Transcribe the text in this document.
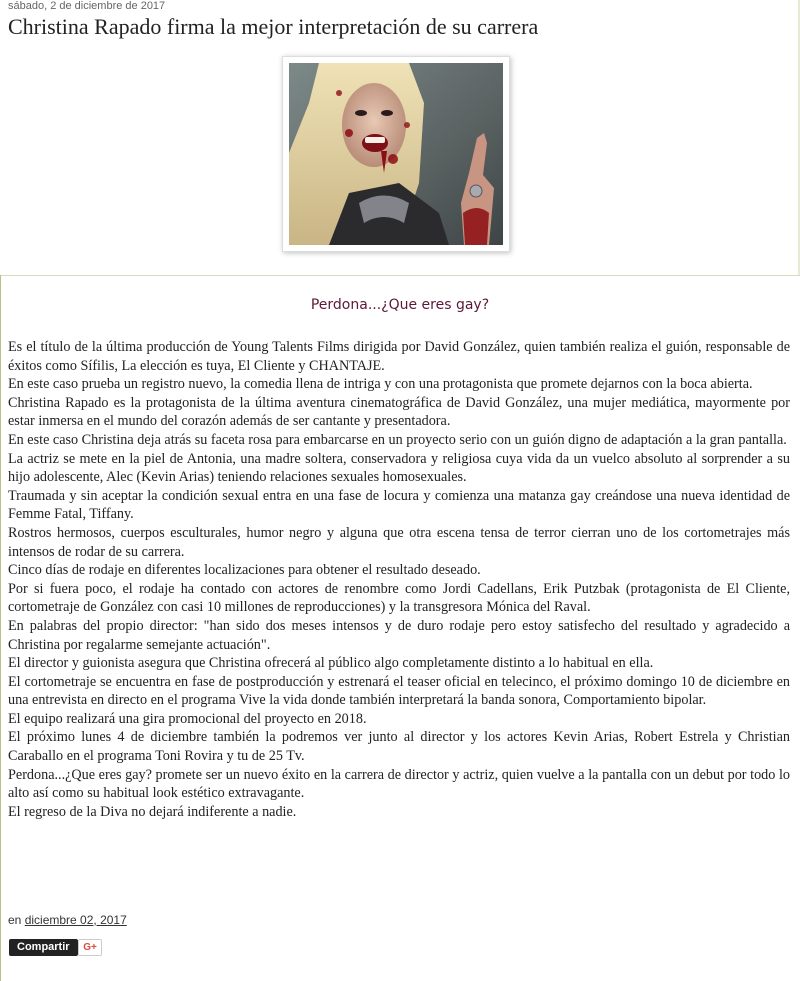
sábado, 2 de diciembre de 2017
Christina Rapado firma la mejor interpretación de su carrera
Perdona...¿Que eres gay?

Es el título de la última producción de Young Talents Films dirigida por David González, quien también realiza el guión, responsable de éxitos como Sífilis, La elección es tuya, El Cliente y CHANTAJE.

En este caso prueba un registro nuevo, la comedia llena de intriga y con una protagonista que promete dejarnos con la boca abierta.

Christina Rapado es la protagonista de la última aventura cinematográfica de David González, una mujer mediática, mayormente por estar inmersa en el mundo del corazón además de ser cantante y presentadora.

En este caso Christina deja atrás su faceta rosa para embarcarse en un proyecto serio con un guión digno de adaptación a la gran pantalla.

La actriz se mete en la piel de Antonia, una madre soltera, conservadora y religiosa cuya vida da un vuelco absoluto al sorprender a su hijo adolescente, Alec (Kevin Arias) teniendo relaciones sexuales homosexuales.

Traumada y sin aceptar la condición sexual entra en una fase de locura y comienza una matanza gay creándose una nueva identidad de Femme Fatal, Tiffany.

Rostros hermosos, cuerpos esculturales, humor negro y alguna que otra escena tensa de terror cierran uno de los cortometrajes más intensos de rodar de su carrera.

Cinco días de rodaje en diferentes localizaciones para obtener el resultado deseado.

Por si fuera poco, el rodaje ha contado con actores de renombre como Jordi Cadellans, Erik Putzbak (protagonista de El Cliente, cortometraje de González con casi 10 millones de reproducciones) y la transgresora Mónica del Raval.

En palabras del propio director: "han sido dos meses intensos y de duro rodaje pero estoy satisfecho del resultado y agradecido a Christina por regalarme semejante actuación".

El director y guionista asegura que Christina ofrecerá al público algo completamente distinto a lo habitual en ella.

El cortometraje se encuentra en fase de postproducción y estrenará el teaser oficial en telecinco, el próximo domingo 10 de diciembre en una entrevista en directo en el programa Vive la vida donde también interpretará la banda sonora, Comportamiento bipolar.

El equipo realizará una gira promocional del proyecto en 2018.

El próximo lunes 4 de diciembre también la podremos ver junto al director y los actores Kevin Arias, Robert Estrela y Christian Caraballo en el programa Toni Rovira y tu de 25 Tv.

Perdona...¿Que eres gay? promete ser un nuevo éxito en la carrera de director y actriz, quien vuelve a la pantalla con un debut por todo lo alto así como su habitual look estético extravagante.

El regreso de la Diva no dejará indiferente a nadie.

en diciembre 02, 2017
Compartir	G+
